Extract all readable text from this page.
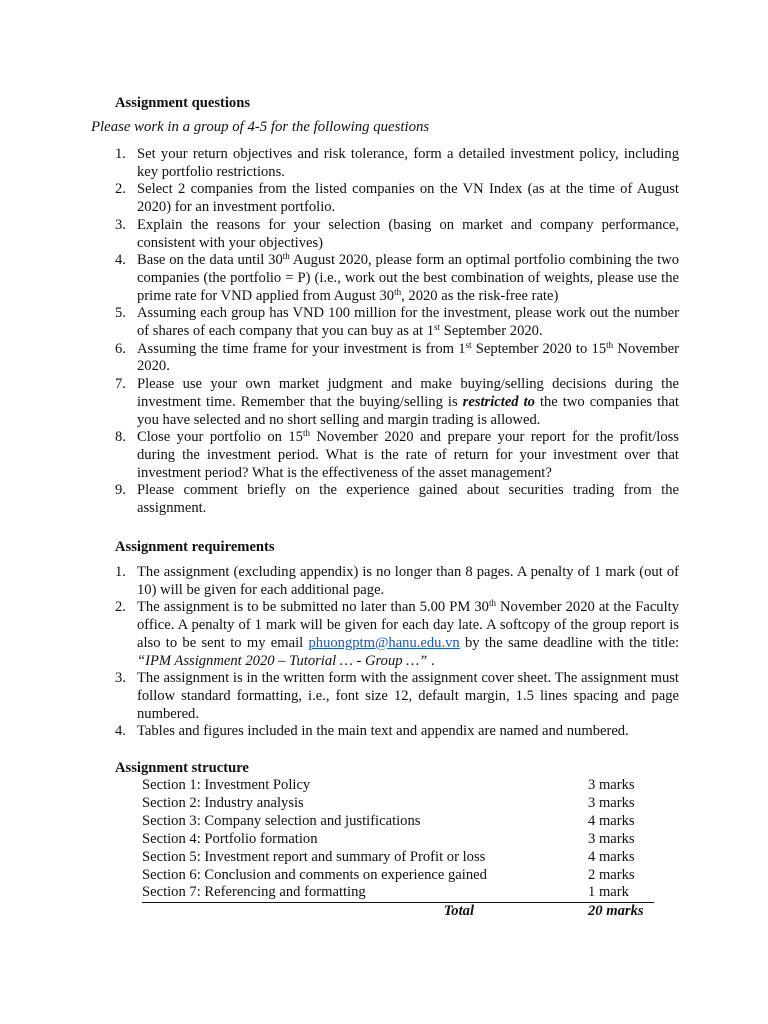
Assignment questions
Please work in a group of 4-5 for the following questions
1. Set your return objectives and risk tolerance, form a detailed investment policy, including key portfolio restrictions.
2. Select 2 companies from the listed companies on the VN Index (as at the time of August 2020) for an investment portfolio.
3. Explain the reasons for your selection (basing on market and company performance, consistent with your objectives)
4. Base on the data until 30th August 2020, please form an optimal portfolio combining the two companies (the portfolio = P) (i.e., work out the best combination of weights, please use the prime rate for VND applied from August 30th, 2020 as the risk-free rate)
5. Assuming each group has VND 100 million for the investment, please work out the number of shares of each company that you can buy as at 1st September 2020.
6. Assuming the time frame for your investment is from 1st September 2020 to 15th November 2020.
7. Please use your own market judgment and make buying/selling decisions during the investment time. Remember that the buying/selling is restricted to the two companies that you have selected and no short selling and margin trading is allowed.
8. Close your portfolio on 15th November 2020 and prepare your report for the profit/loss during the investment period. What is the rate of return for your investment over that investment period? What is the effectiveness of the asset management?
9. Please comment briefly on the experience gained about securities trading from the assignment.
Assignment requirements
1. The assignment (excluding appendix) is no longer than 8 pages. A penalty of 1 mark (out of 10) will be given for each additional page.
2. The assignment is to be submitted no later than 5.00 PM 30th November 2020 at the Faculty office. A penalty of 1 mark will be given for each day late. A softcopy of the group report is also to be sent to my email phuongptm@hanu.edu.vn by the same deadline with the title: “IPM Assignment 2020 – Tutorial … - Group …” .
3. The assignment is in the written form with the assignment cover sheet. The assignment must follow standard formatting, i.e., font size 12, default margin, 1.5 lines spacing and page numbered.
4. Tables and figures included in the main text and appendix are named and numbered.
Assignment structure
Section 1: Investment Policy	3 marks
Section 2: Industry analysis	3 marks
Section 3: Company selection and justifications	4 marks
Section 4: Portfolio formation	3 marks
Section 5: Investment report and summary of Profit or loss	4 marks
Section 6: Conclusion and comments on experience gained	2 marks
Section 7: Referencing and formatting	1 mark
Total	20 marks
